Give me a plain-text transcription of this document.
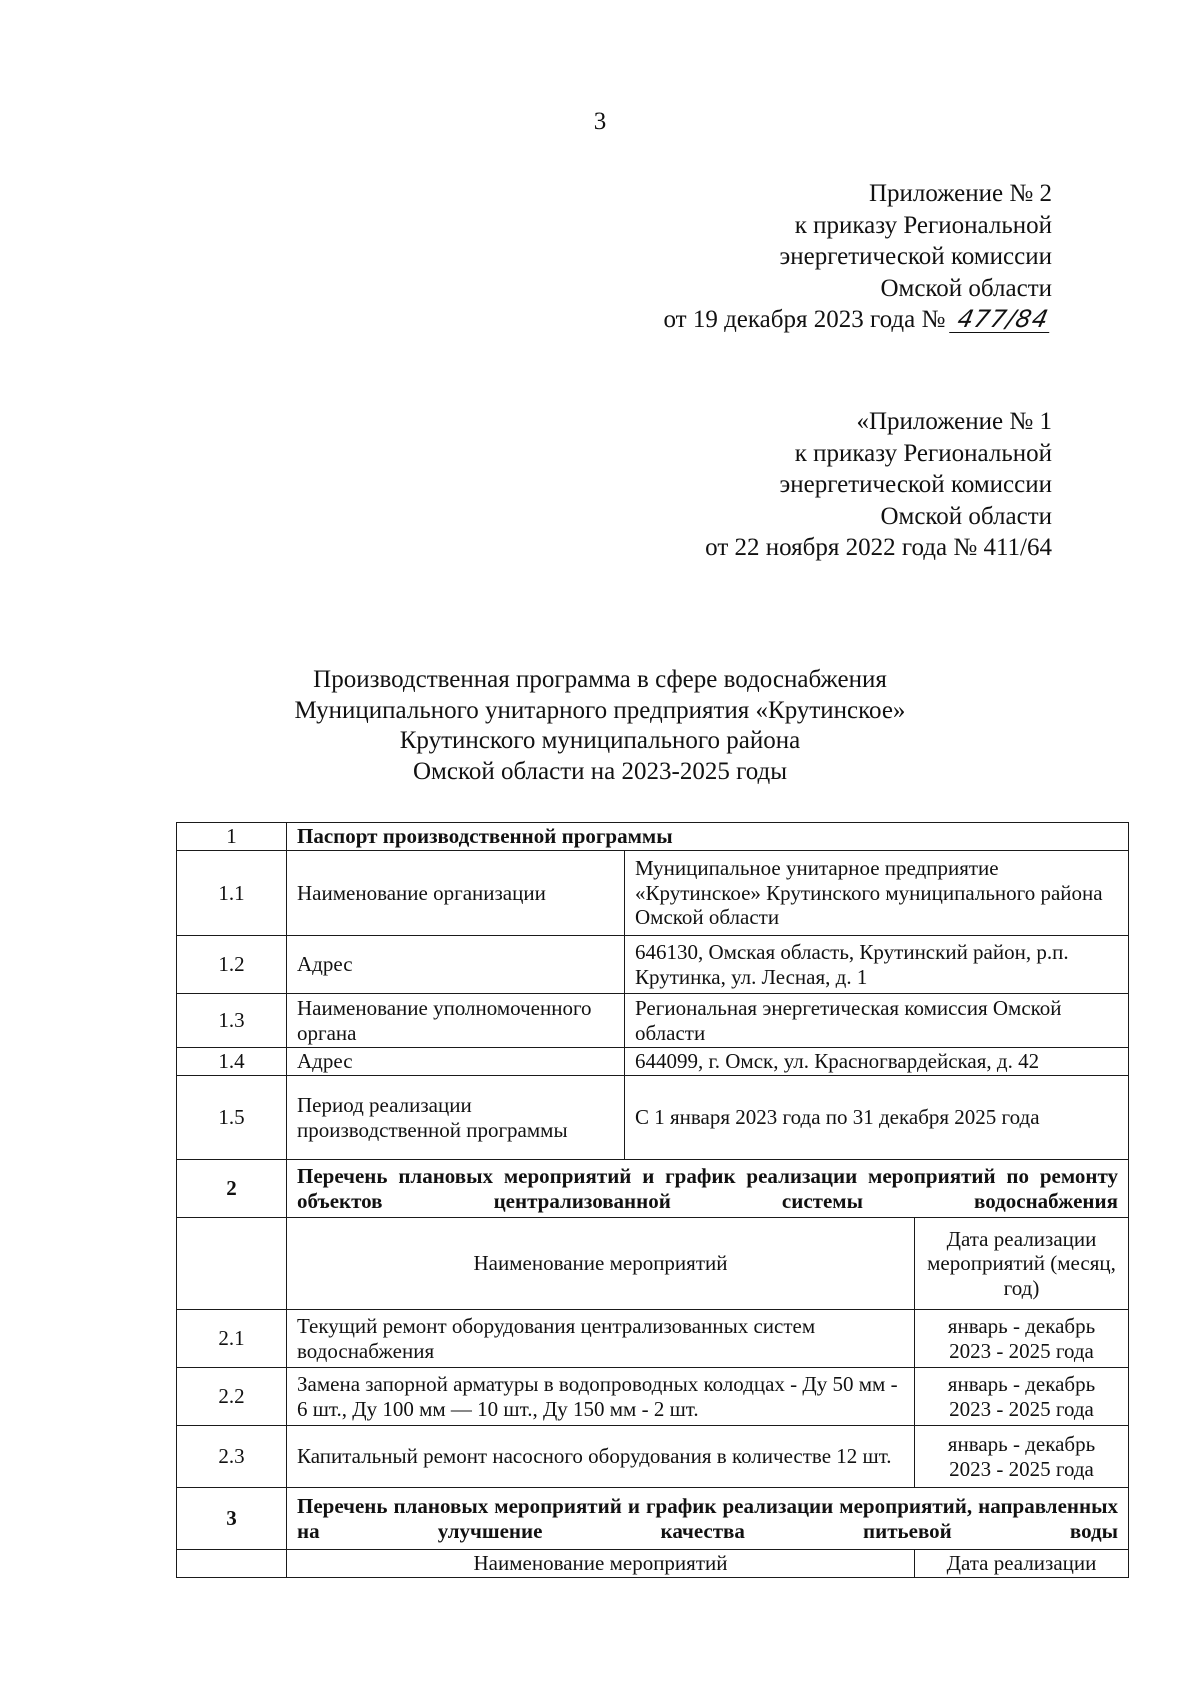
3
Приложение № 2
к приказу Региональной
энергетической комиссии
Омской области
от 19 декабря 2023 года № 477/84
«Приложение № 1
к приказу Региональной
энергетической комиссии
Омской области
от 22 ноября 2022 года № 411/64
Производственная программа в сфере водоснабжения
Муниципального унитарного предприятия «Крутинское»
Крутинского муниципального района
Омской области на 2023-2025 годы
1	Паспорт производственной программы		
1.1	Наименование организации	Муниципальное унитарное предприятие «Крутинское» Крутинского муниципального района Омской области	
1.2	Адрес	646130, Омская область, Крутинский район, р.п. Крутинка, ул. Лесная, д. 1	
1.3	Наименование уполномоченного органа	Региональная энергетическая комиссия Омской области	
1.4	Адрес	644099, г. Омск, ул. Красногвардейская, д. 42	
1.5	Период реализации производственной программы	С 1 января 2023 года по 31 декабря 2025 года	
2	Перечень плановых мероприятий и график реализации мероприятий по ремонту объектов централизованной системы водоснабжения		
	Наименование мероприятий		Дата реализации мероприятий (месяц, год)
2.1	Текущий ремонт оборудования централизованных систем водоснабжения		январь - декабрь 2023 - 2025 года
2.2	Замена запорной арматуры в водопроводных колодцах - Ду 50 мм - 6 шт., Ду 100 мм — 10 шт., Ду 150 мм - 2 шт.		январь - декабрь 2023 - 2025 года
2.3	Капитальный ремонт насосного оборудования в количестве 12 шт.		январь - декабрь 2023 - 2025 года
3	Перечень плановых мероприятий и график реализации мероприятий, направленных на улучшение качества питьевой воды		
	Наименование мероприятий		Дата реализации
